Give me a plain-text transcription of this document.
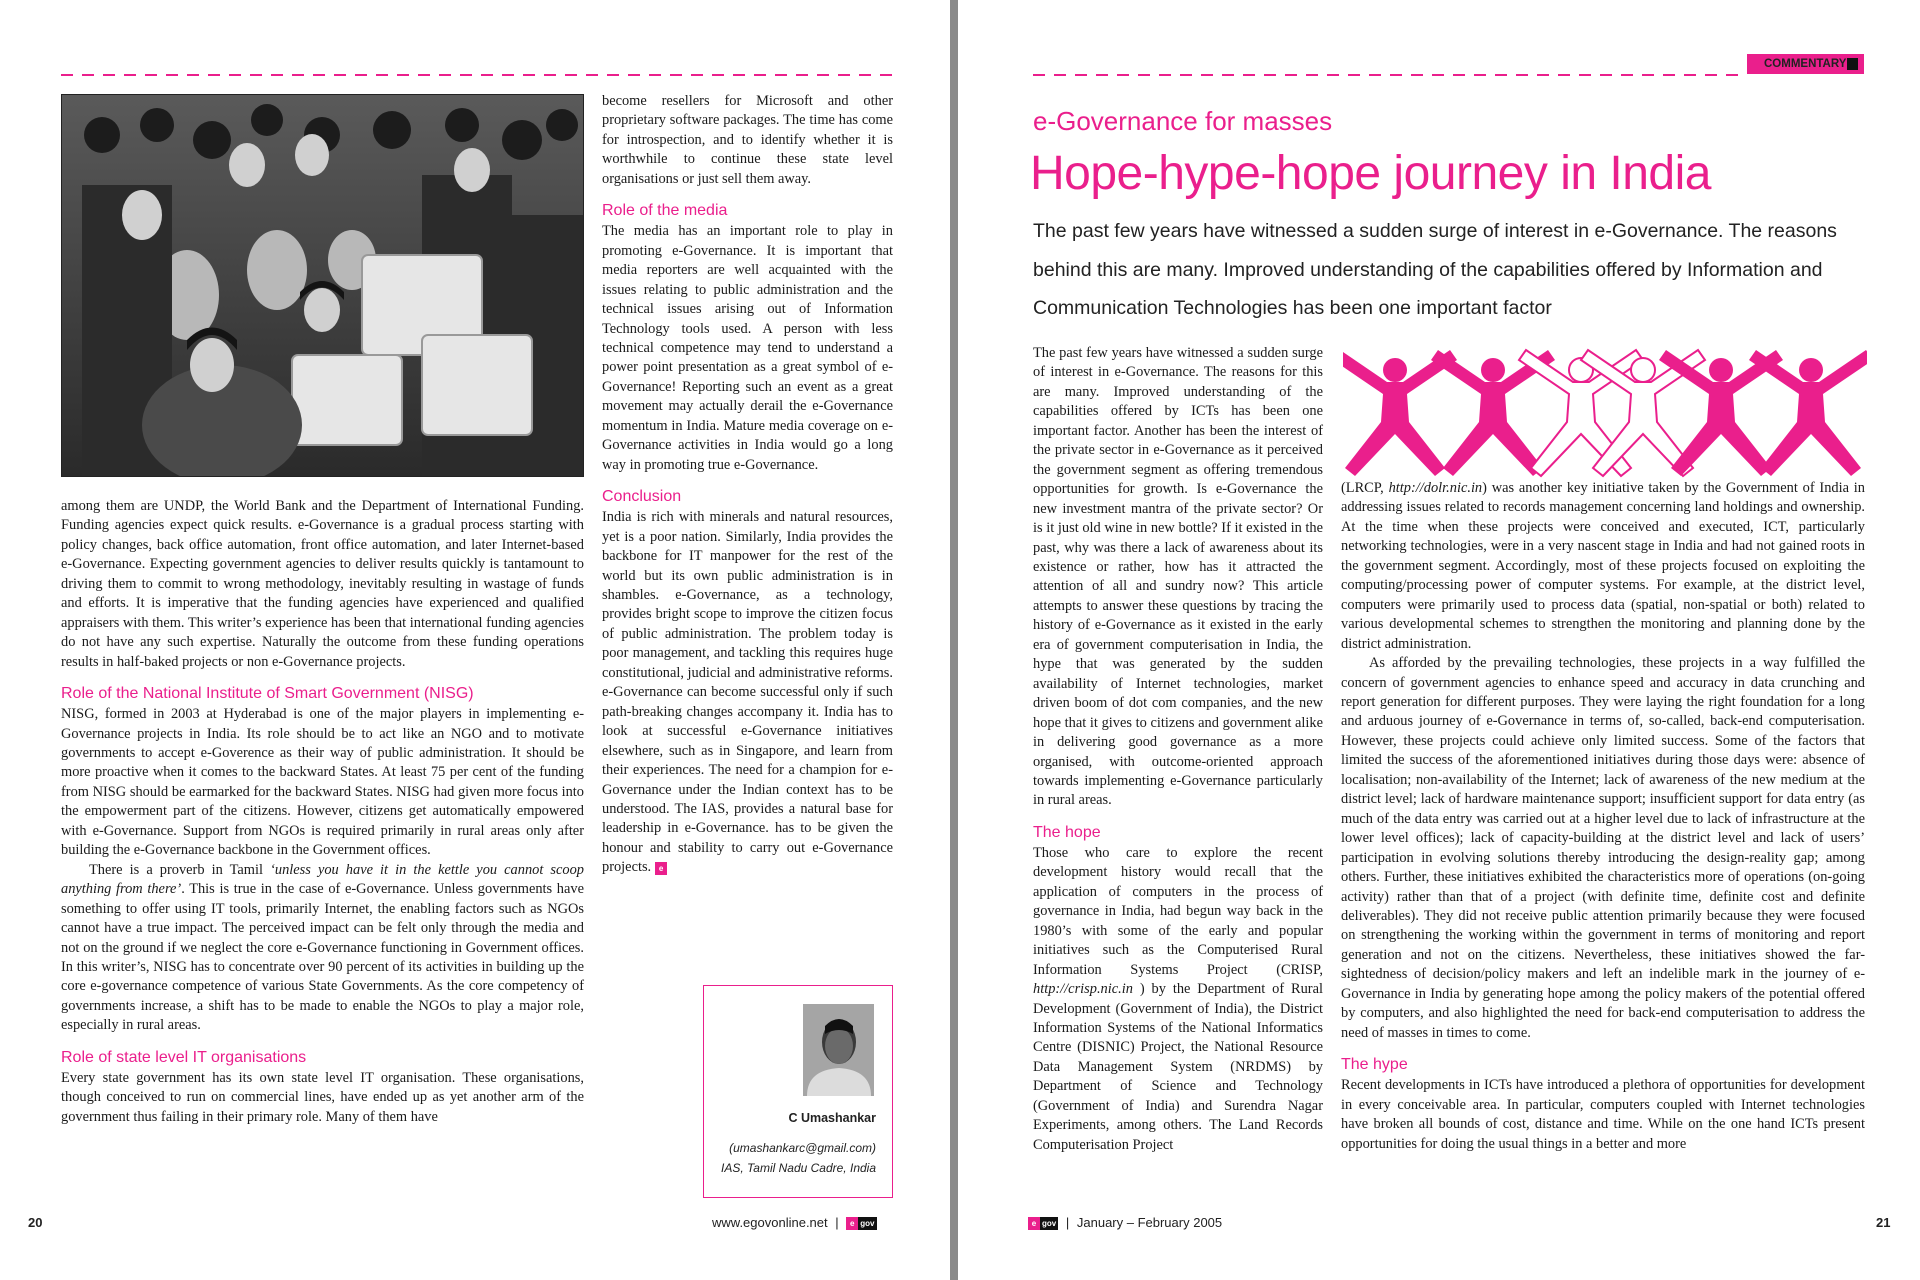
among them are UNDP, the World Bank and the Department of International Funding. Funding agencies expect quick results. e-Governance is a gradual process starting with policy changes, back office automation, front office automation, and later Internet-based e-Governance. Expecting government agencies to deliver results quickly is tantamount to driving them to commit to wrong methodology, inevitably resulting in wastage of funds and efforts. It is imperative that the funding agencies have experienced and qualified appraisers with them. This writer’s experience has been that international funding agencies do not have any such expertise. Naturally the outcome from these funding operations results in half-baked projects or non e-Governance projects.

Role of the National Institute of Smart Government (NISG)

NISG, formed in 2003 at Hyderabad is one of the major players in implementing e-Governance projects in India. Its role should be to act like an NGO and to motivate governments to accept e-Goverence as their way of public administration. It should be more proactive when it comes to the backward States. At least 75 per cent of the funding from NISG should be earmarked for the backward States. NISG had given more focus into the empowerment part of the citizens. However, citizens get automatically empowered with e-Governance. Support from NGOs is required primarily in rural areas only after building the e-Governance backbone in the Government offices.

There is a proverb in Tamil ‘unless you have it in the kettle you cannot scoop anything from there’. This is true in the case of e-Governance. Unless governments have something to offer using IT tools, primarily Internet, the enabling factors such as NGOs cannot have a true impact. The perceived impact can be felt only through the media and not on the ground if we neglect the core e-Governance functioning in Government offices. In this writer’s, NISG has to concentrate over 90 percent of its activities in building up the core e-governance competence of various State Governments. As the core competency of governments increase, a shift has to be made to enable the NGOs to play a major role, especially in rural areas.

Role of state level IT organisations

Every state government has its own state level IT organisation. These organisations, though conceived to run on commercial lines, have ended up as yet another arm of the government thus failing in their primary role. Many of them have

become resellers for Microsoft and other proprietary software packages. The time has come for introspection, and to identify whether it is worthwhile to continue these state level organisations or just sell them away.

Role of the media

The media has an important role to play in promoting e-Governance. It is important that media reporters are well acquainted with the issues relating to public administration and the technical issues arising out of Information Technology tools used. A person with less technical competence may tend to understand a power point presentation as a great symbol of e-Governance! Reporting such an event as a great movement may actually derail the e-Governance momentum in India. Mature media coverage on e-Governance activities in India would go a long way in promoting true e-Governance.

Conclusion

India is rich with minerals and natural resources, yet is a poor nation. Similarly, India provides the backbone for IT manpower for the rest of the world but its own public administration is in shambles. e-Governance, as a technology, provides bright scope to improve the citizen focus of public administration. The problem today is poor management, and tackling this requires huge constitutional, judicial and administrative reforms. e-Governance can become successful only if such path-breaking changes accompany it. India has to look at successful e-Governance initiatives elsewhere, such as in Singapore, and learn from their experiences. The need for a champion for e-Governance under the Indian context has to be understood. The IAS, provides a natural base for leadership in e-Governance. has to be given the honour and stability to carry out e-Governance projects. e

C Umashankar
(umashankarc@gmail.com)
IAS, Tamil Nadu Cadre, India
20	www.egovonline.net | e gov
COMMENTARY
e-Governance for masses
Hope-hype-hope journey in India
The past few years have witnessed a sudden surge of interest in e-Governance. The reasons behind this are many. Improved understanding of the capabilities offered by Information and Communication Technologies has been one important factor

The past few years have witnessed a sudden surge of interest in e-Governance. The reasons for this are many. Improved understanding of the capabilities offered by ICTs has been one important factor. Another has been the interest of the private sector in e-Governance as it perceived the government segment as offering tremendous opportunities for growth. Is e-Governance the new investment mantra of the private sector? Or is it just old wine in new bottle? If it existed in the past, why was there a lack of awareness about its existence or rather, how has it attracted the attention of all and sundry now? This article attempts to answer these questions by tracing the history of e-Governance as it existed in the early era of government computerisation in India, the hype that was generated by the sudden availability of Internet technologies, market driven boom of dot com companies, and the new hope that it gives to citizens and government alike in delivering good governance as a more organised, with outcome-oriented approach towards implementing e-Governance particularly in rural areas.

The hope

Those who care to explore the recent development history would recall that the application of computers in the process of governance in India, had begun way back in the 1980’s with some of the early and popular initiatives such as the Computerised Rural Information Systems Project (CRISP, http://crisp.nic.in ) by the Department of Rural Development (Government of India), the District Information Systems of the National Informatics Centre (DISNIC) Project, the National Resource Data Management System (NRDMS) by Department of Science and Technology (Government of India) and Surendra Nagar Experiments, among others. The Land Records Computerisation Project

(LRCP, http://dolr.nic.in) was another key initiative taken by the Government of India in addressing issues related to records management concerning land holdings and ownership. At the time when these projects were conceived and executed, ICT, particularly networking technologies, were in a very nascent stage in India and had not gained roots in the government segment. Accordingly, most of these projects focused on exploiting the computing/processing power of computer systems. For example, at the district level, computers were primarily used to process data (spatial, non-spatial or both) related to various developmental schemes to strengthen the monitoring and planning done by the district administration.

As afforded by the prevailing technologies, these projects in a way fulfilled the concern of government agencies to enhance speed and accuracy in data crunching and report generation for different purposes. They were laying the right foundation for a long and arduous journey of e-Governance in terms of, so-called, back-end computerisation. However, these projects could achieve only limited success. Some of the factors that limited the success of the aforementioned initiatives during those days were: absence of localisation; non-availability of the Internet; lack of awareness of the new medium at the district level; lack of hardware maintenance support; insufficient support for data entry (as much of the data entry was carried out at a higher level due to lack of infrastructure at the lower level offices); lack of capacity-building at the district level and lack of users’ participation in evolving solutions thereby introducing the design-reality gap; among others. Further, these initiatives exhibited the characteristics more of operations (on-going activity) rather than that of a project (with definite time, definite cost and definite deliverables). They did not receive public attention primarily because they were focused on strengthening the working within the government in terms of monitoring and report generation and not on the citizens. Nevertheless, these initiatives showed the far-sightedness of decision/policy makers and left an indelible mark in the journey of e-Governance in India by generating hope among the policy makers of the potential offered by computers, and also highlighted the need for back-end computerisation to address the need of masses in times to come.

The hype

Recent developments in ICTs have introduced a plethora of opportunities for development in every conceivable area. In particular, computers coupled with Internet technologies have broken all bounds of cost, distance and time. While on the one hand ICTs present opportunities for doing the usual things in a better and more

e gov | January – February 2005	21
